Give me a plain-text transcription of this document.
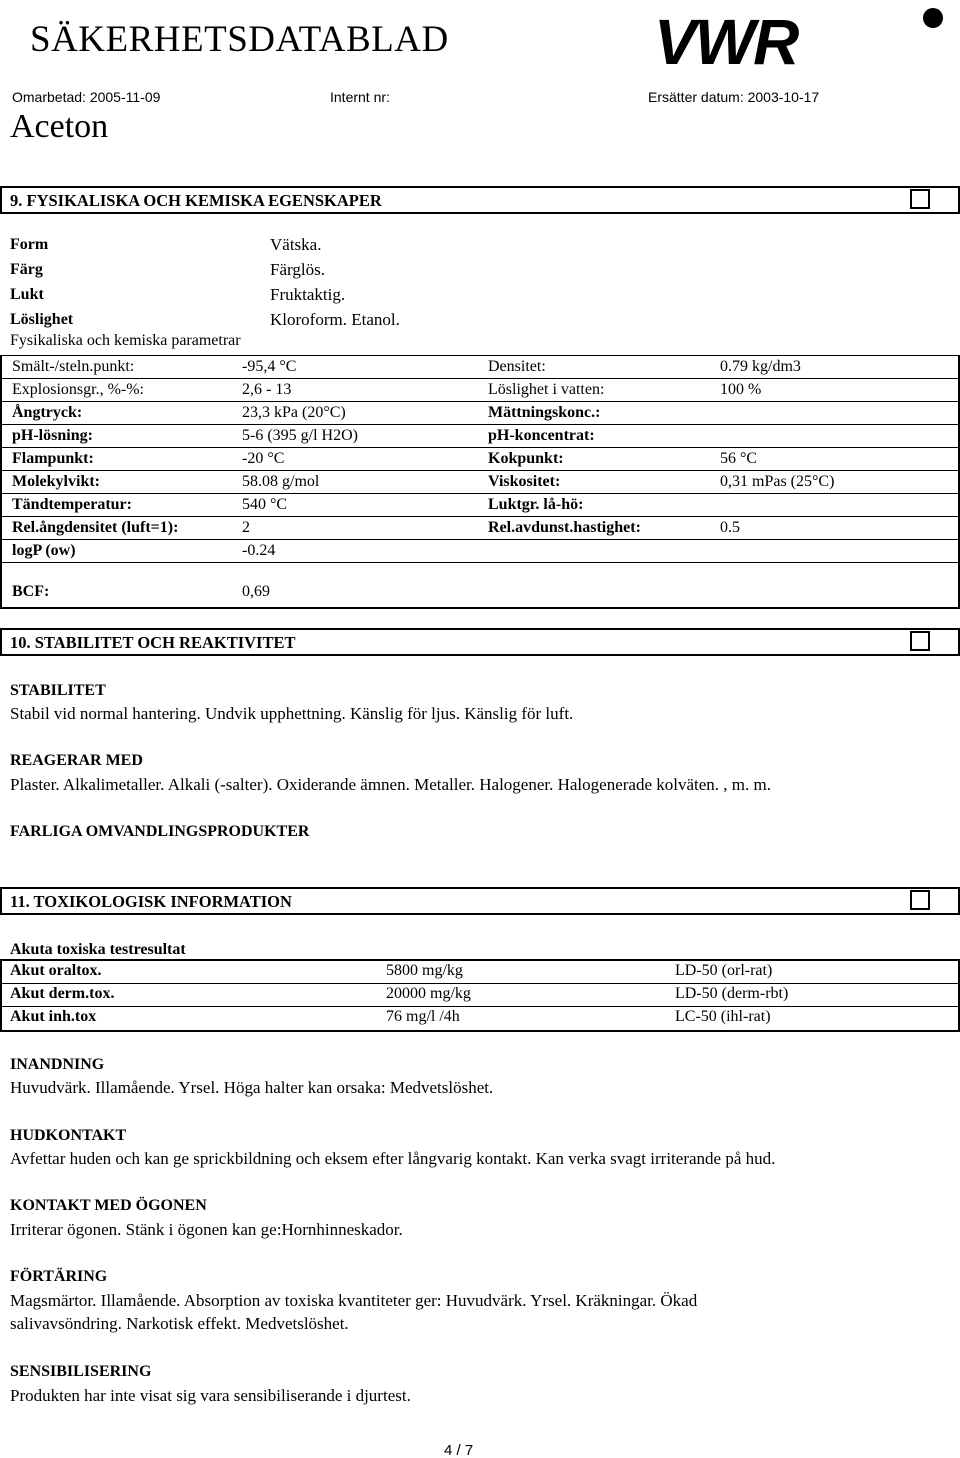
SÄKERHETSDATABLAD	VWR
Omarbetad: 2005-11-09	Internt nr:	Ersätter datum: 2003-10-17
Aceton
9. FYSIKALISKA OCH KEMISKA EGENSKAPER
Form	Vätska.
Färg	Färglös.
Lukt	Fruktaktig.
Löslighet	Kloroform. Etanol.
Fysikaliska och kemiska parametrar
Smält-/steln.punkt:	-95,4 °C	Densitet:	0.79 kg/dm3
Explosionsgr., %-%:	2,6 - 13	Löslighet i vatten:	100 %
Ångtryck:	23,3 kPa (20°C)	Mättningskonc.:
pH-lösning:	5-6 (395 g/l H2O)	pH-koncentrat:
Flampunkt:	-20 °C	Kokpunkt:	56 °C
Molekylvikt:	58.08 g/mol	Viskositet:	0,31 mPas (25°C)
Tändtemperatur:	540 °C	Luktgr. lå-hö:
Rel.ångdensitet (luft=1):	2	Rel.avdunst.hastighet:	0.5
logP (ow)	-0.24
BCF:	0,69
10. STABILITET OCH REAKTIVITET
STABILITET
Stabil vid normal hantering. Undvik upphettning. Känslig för ljus. Känslig för luft.
REAGERAR MED
Plaster. Alkalimetaller. Alkali (-salter). Oxiderande ämnen. Metaller. Halogener. Halogenerade kolväten. , m. m.
FARLIGA OMVANDLINGSPRODUKTER
11. TOXIKOLOGISK INFORMATION
Akuta toxiska testresultat
Akut oraltox.	5800 mg/kg	LD-50 (orl-rat)
Akut derm.tox.	20000 mg/kg	LD-50 (derm-rbt)
Akut inh.tox	76 mg/l /4h	LC-50 (ihl-rat)
INANDNING
Huvudvärk. Illamående. Yrsel. Höga halter kan orsaka: Medvetslöshet.
HUDKONTAKT
Avfettar huden och kan ge sprickbildning och eksem efter långvarig kontakt. Kan verka svagt irriterande på hud.
KONTAKT MED ÖGONEN
Irriterar ögonen. Stänk i ögonen kan ge:Hornhinneskador.
FÖRTÄRING
Magsmärtor. Illamående. Absorption av toxiska kvantiteter ger: Huvudvärk. Yrsel. Kräkningar. Ökad
salivavsöndring. Narkotisk effekt. Medvetslöshet.
SENSIBILISERING
Produkten har inte visat sig vara sensibiliserande i djurtest.
4 / 7
